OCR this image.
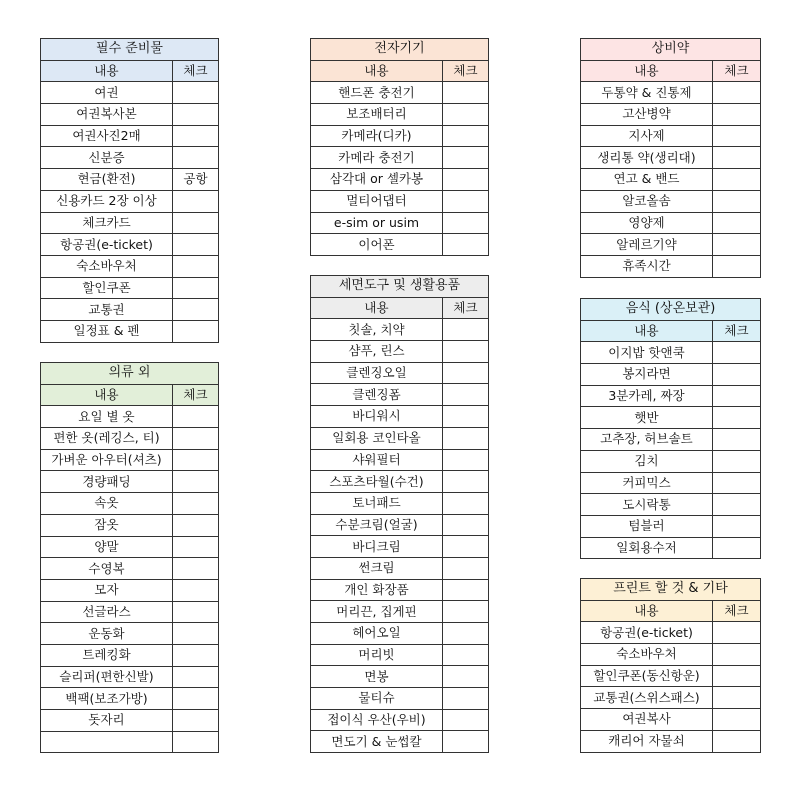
필수 준비물	
내용	체크
여권	
여권복사본	
여권사진2매	
신분증	
현금(환전)	공항
신용카드 2장 이상	
체크카드	
항공권(e-ticket)	
숙소바우처	
할인쿠폰	
교통권	
일정표 & 펜	
의류 외	
내용	체크
요일 별 옷	
편한 옷(레깅스, 티)	
가벼운 아우터(셔츠)	
경량패딩	
속옷	
잠옷	
양말	
수영복	
모자	
선글라스	
운동화	
트레킹화	
슬리퍼(편한신발)	
백팩(보조가방)	
돗자리	

전자기기	
내용	체크
핸드폰 충전기	
보조배터리	
카메라(디카)	
카메라 충전기	
삼각대 or 셀카봉	
멀티어댑터	
e-sim or usim	
이어폰	
세면도구 및 생활용품	
내용	체크
칫솔, 치약	
샴푸, 린스	
클렌징오일	
클렌징폼	
바디워시	
일회용 코인타올	
샤워필터	
스포츠타월(수건)	
토너패드	
수분크림(얼굴)	
바디크림	
썬크림	
개인 화장품	
머리끈, 집게핀	
헤어오일	
머리빗	
면봉	
물티슈	
접이식 우산(우비)	
면도기 & 눈썹칼	
상비약	
내용	체크
두통약 & 진통제	
고산병약	
지사제	
생리통 약(생리대)	
연고 & 밴드	
알코올솜	
영양제	
알레르기약	
휴족시간	
음식 (상온보관)	
내용	체크
이지밥 핫앤쿡	
봉지라면	
3분카레, 짜장	
햇반	
고추장, 허브솔트	
김치	
커피믹스	
도시락통	
텀블러	
일회용수저	
프린트 할 것 & 기타	
내용	체크
항공권(e-ticket)	
숙소바우처	
할인쿠폰(동신항운)	
교통권(스위스패스)	
여권복사	
캐리어 자물쇠	
